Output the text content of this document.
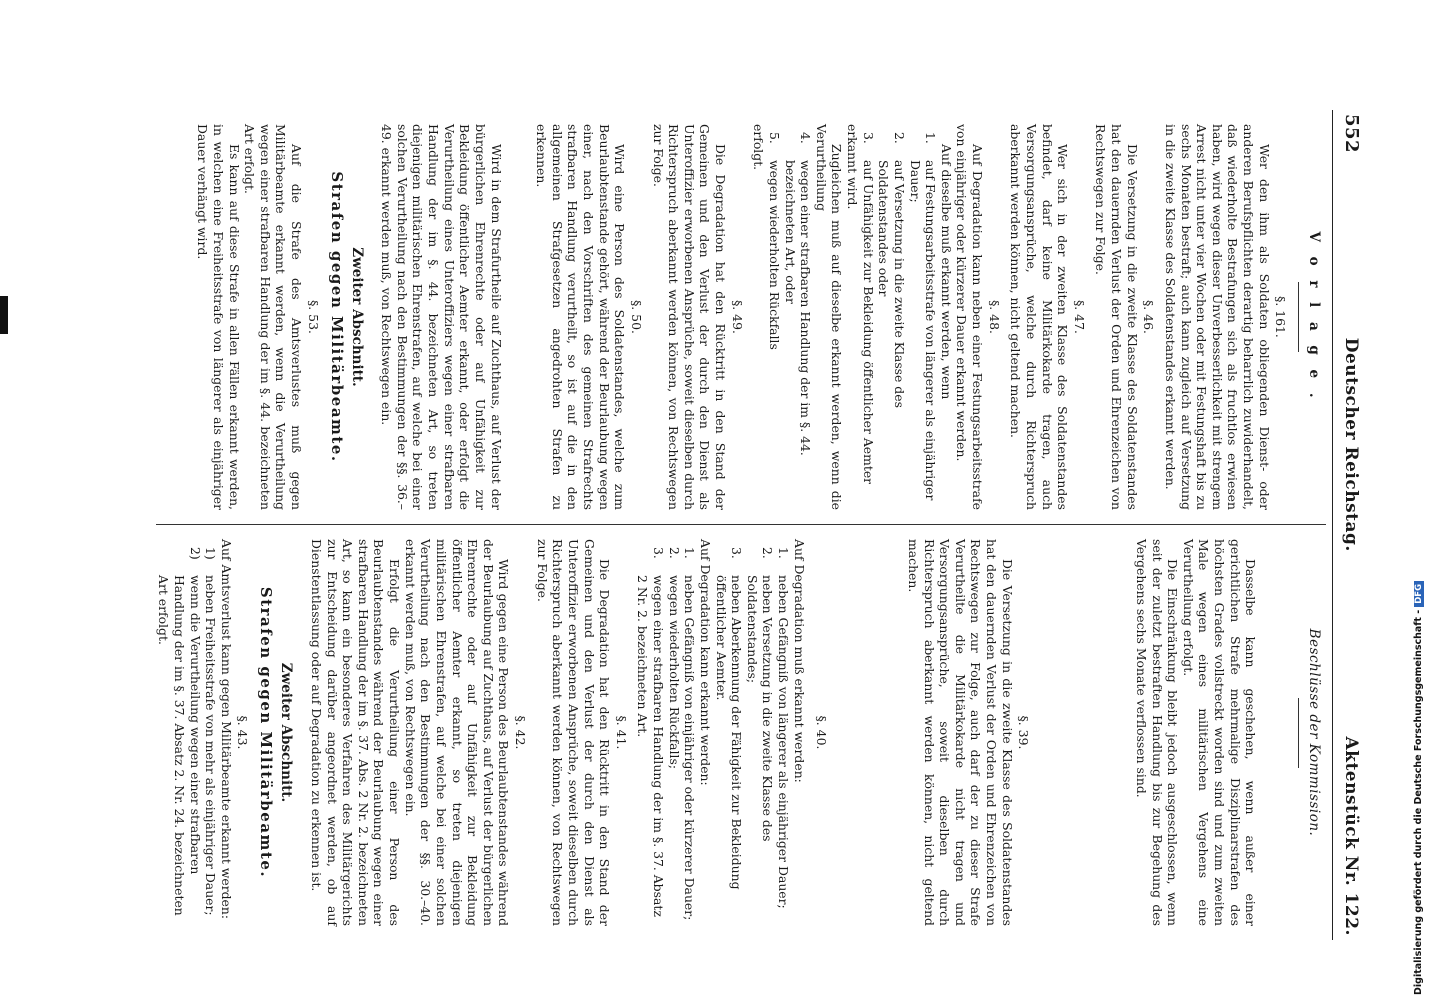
552
Deutscher Reichstag.
Aktenstück Nr. 122.
V o r l a g e .
§. 161.

Wer den ihm als Soldaten obliegenden Dienst- oder anderen Berufspflichten derartig beharrlich zuwiderhandelt, daß wiederholte Bestrafungen sich als fruchtlos erwiesen haben, wird wegen dieser Unverbesserlichkeit mit strengem Arrest nicht unter vier Wochen oder mit Festungshaft bis zu sechs Monaten bestraft; auch kann zugleich auf Versetzung in die zweite Klasse des Soldatenstandes erkannt werden.

§. 46.

Die Versetzung in die zweite Klasse des Soldatenstandes hat den dauernden Verlust der Orden und Ehrenzeichen von Rechtswegen zur Folge.

§. 47.

Wer sich in der zweiten Klasse des Soldatenstandes befindet, darf keine Militärkokarde tragen, auch Versorgungsansprüche, welche durch Richterspruch aberkannt werden können, nicht geltend machen.

§. 48.

Auf Degradation kann neben einer Festungsarbeitsstrafe von einjähriger oder kürzerer Dauer erkannt werden.

Auf dieselbe muß erkannt werden, wenn

1.
auf Festungsarbeitsstrafe von längerer als einjähriger Dauer;
2.
auf Versetzung in die zweite Klasse des Soldatenstandes oder
3.
auf Unfähigkeit zur Bekleidung öffentlicher Aemter

erkannt wird.

Zugleichen muß auf dieselbe erkannt werden, wenn die Verurtheilung

4.
wegen einer strafbaren Handlung der im §. 44. bezeichneten Art, oder
5.
wegen wiederholten Rückfalls

erfolgt.

§. 49.

Die Degradation hat den Rücktritt in den Stand der Gemeinen und den Verlust der durch den Dienst als Unteroffizier erworbenen Ansprüche, soweit dieselben durch Richterspruch aberkannt werden können, von Rechtswegen zur Folge.

§. 50.

Wird eine Person des Soldatenstandes, welche zum Beurlaubtenstande gehört, während der Beurlaubung wegen einer, nach den Vorschriften des gemeinen Strafrechts strafbaren Handlung verurtheilt, so ist auf die in den allgemeinen Strafgesetzen angedrohten Strafen zu erkennen.

Wird in dem Strafurtheile auf Zuchthaus, auf Verlust der bürgerlichen Ehrenrechte oder auf Unfähigkeit zur Bekleidung öffentlicher Aemter erkannt, oder erfolgt die Verurtheilung eines Unteroffiziers wegen einer strafbaren Handlung der im §. 44. bezeichneten Art, so treten diejenigen militärischen Ehrenstrafen, auf welche bei einer solchen Verurtheilung nach den Bestimmungen der §§. 36.–49. erkannt werden muß, von Rechtswegen ein.

Zweiter Abschnitt.
Strafen gegen Militärbeamte.
§. 53.

Auf die Strafe des Amtsverlustes muß gegen Militärbeamte erkannt werden, wenn die Verurtheilung wegen einer strafbaren Handlung der im §. 44. bezeichneten Art erfolgt.

Es kann auf diese Strafe in allen Fällen erkannt werden, in welchen eine Freiheitsstrafe von längerer als einjähriger Dauer verhängt wird.

Beschlüsse der Kommission.

Dasselbe kann geschehen, wenn außer einer gerichtlichen Strafe mehrmalige Disziplinarstrafen des höchsten Grades vollstreckt worden sind und zum zweiten Male wegen eines militärischen Vergehens eine Verurtheilung erfolgt.

Die Einschränkung bleibt jedoch ausgeschlossen, wenn seit der zuletzt bestraften Handlung bis zur Begehung des Vergehens sechs Monate verflossen sind.

§. 39.

Die Versetzung in die zweite Klasse des Soldatenstandes hat den dauernden Verlust der Orden und Ehrenzeichen von Rechtswegen zur Folge, auch darf der zu dieser Strafe Verurtheilte die Militärkokarde nicht tragen und Versorgungsansprüche, soweit dieselben durch Richterspruch aberkannt werden können, nicht geltend machen.

§. 40.

Auf Degradation muß erkannt werden:

1.
neben Gefängniß von längerer als einjähriger Dauer;
2.
neben Versetzung in die zweite Klasse des Soldatenstandes;
3.
neben Aberkennung der Fähigkeit zur Bekleidung öffentlicher Aemter.

Auf Degradation kann erkannt werden:

1.
neben Gefängniß von einjähriger oder kürzerer Dauer;
2.
wegen wiederholten Rückfalls;
3.
wegen einer strafbaren Handlung der im §. 37. Absatz 2 Nr. 2. bezeichneten Art.
§. 41.

Die Degradation hat den Rücktritt in den Stand der Gemeinen und den Verlust der durch den Dienst als Unteroffizier erworbenen Ansprüche, soweit dieselben durch Richterspruch aberkannt werden können, von Rechtswegen zur Folge.

§. 42.

Wird gegen eine Person des Beurlaubtenstandes während der Beurlaubung auf Zuchthaus, auf Verlust der bürgerlichen Ehrenrechte oder auf Unfähigkeit zur Bekleidung öffentlicher Aemter erkannt, so treten diejenigen militärischen Ehrenstrafen, auf welche bei einer solchen Verurtheilung nach den Bestimmungen der §§. 30.–40. erkannt werden muß, von Rechtswegen ein.

Erfolgt die Verurtheilung einer Person des Beurlaubtenstandes während der Beurlaubung wegen einer strafbaren Handlung der im §. 37. Abs. 2 Nr. 2. bezeichneten Art, so kann ein besonderes Verfahren des Militärgerichts zur Entscheidung darüber angeordnet werden, ob auf Dienstentlassung oder auf Degradation zu erkennen ist.

Zweiter Abschnitt.
Strafen gegen Militärbeamte.
§. 43.

Auf Amtsverlust kann gegen Militärbeamte erkannt werden:

1)
neben Freiheitsstrafe von mehr als einjähriger Dauer;
2)
wenn die Verurtheilung wegen einer strafbaren Handlung der im §. 37. Absatz 2. Nr. 24. bezeichneten Art erfolgt.	Digitalisierung gefördert durch die Deutsche Forschungsgemeinschaft -DFG
